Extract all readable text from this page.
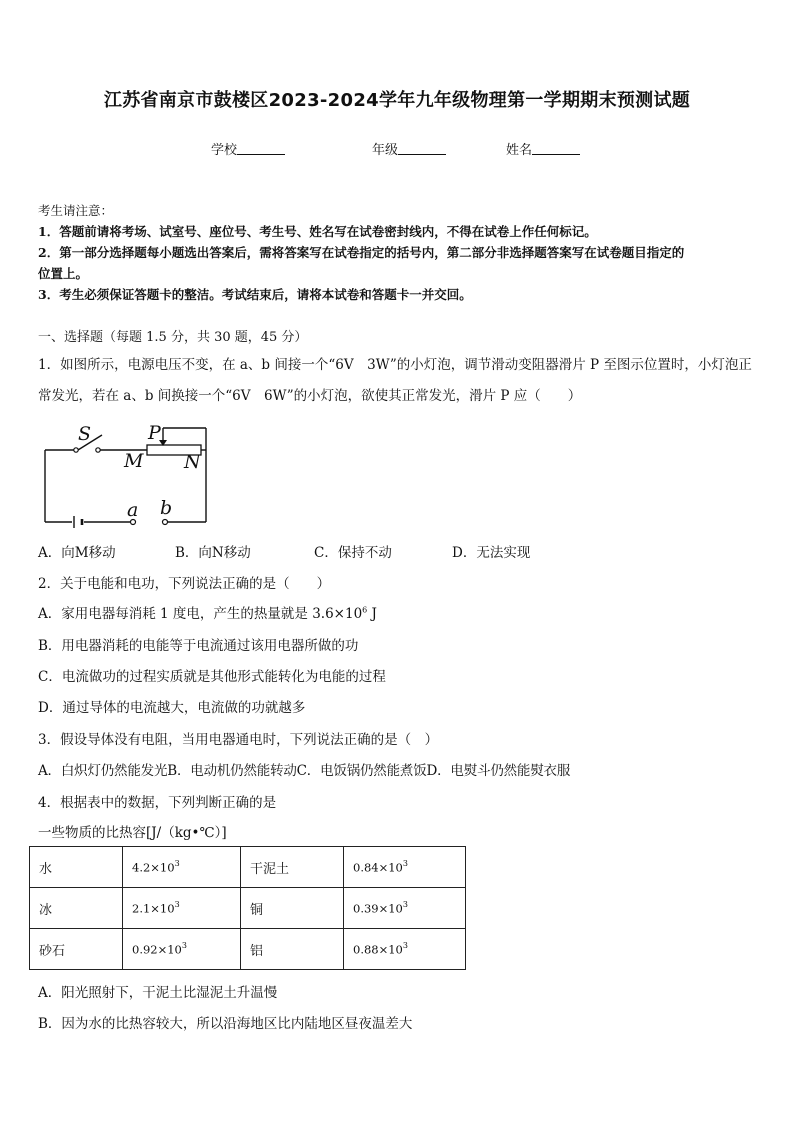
江苏省南京市鼓楼区2023-2024学年九年级物理第一学期期末预测试题
学校	年级	姓名
考生请注意：
1．答题前请将考场、试室号、座位号、考生号、姓名写在试卷密封线内，不得在试卷上作任何标记。
2．第一部分选择题每小题选出答案后，需将答案写在试卷指定的括号内，第二部分非选择题答案写在试卷题目指定的
位置上。
3．考生必须保证答题卡的整洁。考试结束后，请将本试卷和答题卡一并交回。
一、选择题（每题 1.5 分，共 30 题，45 分）
1．如图所示，电源电压不变，在 a、b 间接一个“6V　3W”的小灯泡，调节滑动变阻器滑片 P 至图示位置时，小灯泡正
常发光，若在 a、b 间换接一个“6V　6W”的小灯泡，欲使其正常发光，滑片 P 应（　　）
S	P
M N
a b
A．向M移动	B．向N移动	C．保持不动	D．无法实现
2．关于电能和电功，下列说法正确的是（　　）
A．家用电器每消耗 1 度电，产生的热量就是 $3.6\times 10^6$ J
B．用电器消耗的电能等于电流通过该用电器所做的功
C．电流做功的过程实质就是其他形式能转化为电能的过程
D．通过导体的电流越大，电流做的功就越多
3．假设导体没有电阻，当用电器通电时，下列说法正确的是（　）
A．白炽灯仍然能发光B．电动机仍然能转动C．电饭锅仍然能煮饭D．电熨斗仍然能熨衣服
4．根据表中的数据，下列判断正确的是
一些物质的比热容[J/（kg•℃）]
水	$4.2\times 10^3$	干泥土	$0.84\times 10^3$
冰	$2.1\times 10^3$	铜	$0.39\times 10^3$
砂石	$0.92\times 10^3$	铝	$0.88\times 10^3$
A．阳光照射下，干泥土比湿泥土升温慢
B．因为水的比热容较大，所以沿海地区比内陆地区昼夜温差大
